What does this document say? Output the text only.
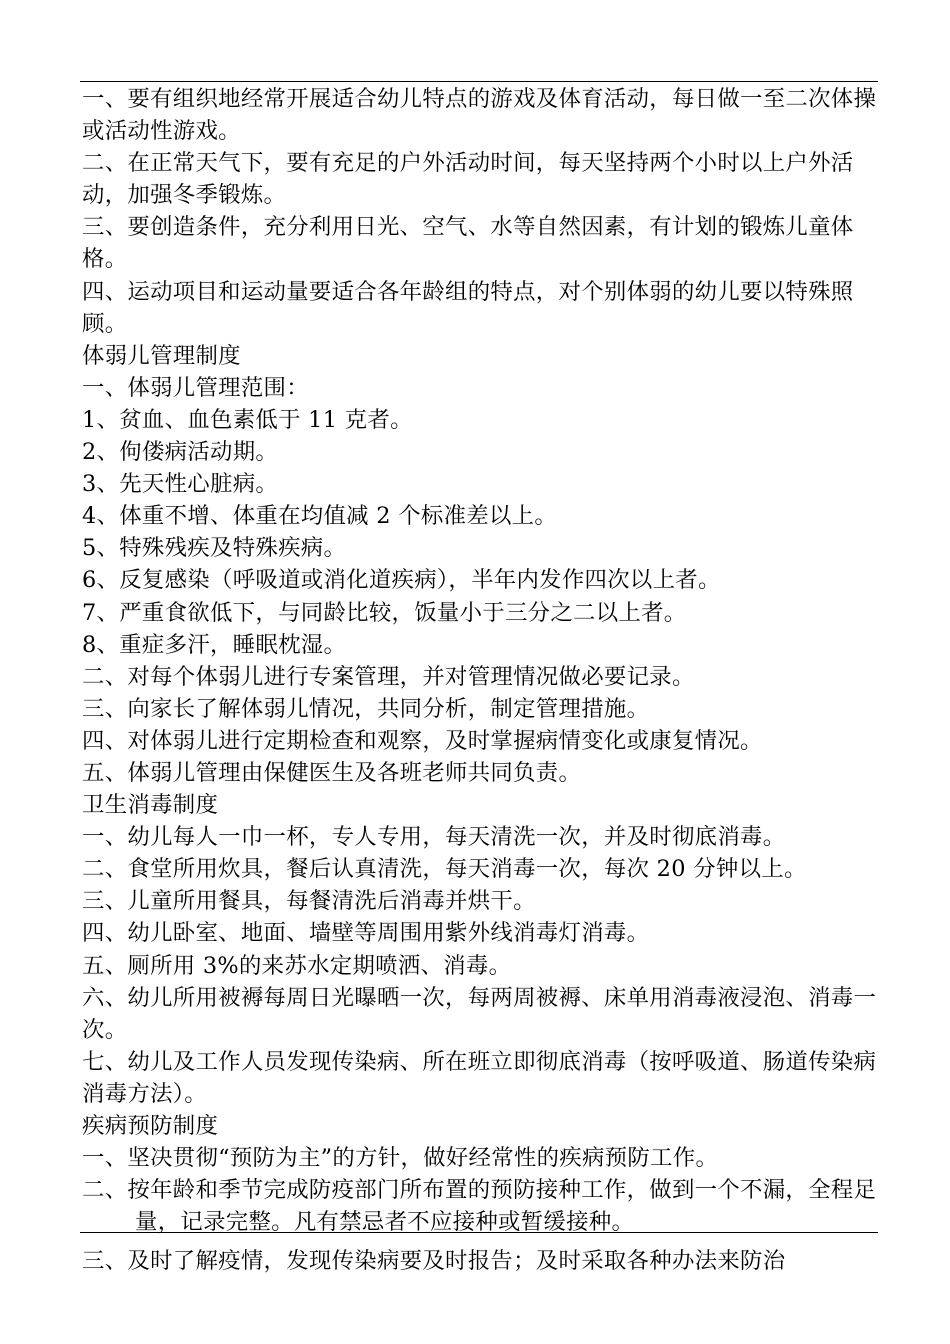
一、要有组织地经常开展适合幼儿特点的游戏及体育活动，每日做一至二次体操或活动性游戏。

二、在正常天气下，要有充足的户外活动时间，每天坚持两个小时以上户外活动，加强冬季锻炼。

三、要创造条件，充分利用日光、空气、水等自然因素，有计划的锻炼儿童体格。

四、运动项目和运动量要适合各年龄组的特点，对个别体弱的幼儿要以特殊照顾。

体弱儿管理制度

一、体弱儿管理范围：

1、贫血、血色素低于 11 克者。

2、佝偻病活动期。

3、先天性心脏病。

4、体重不增、体重在均值减 2 个标准差以上。

5、特殊残疾及特殊疾病。

6、反复感染（呼吸道或消化道疾病），半年内发作四次以上者。

7、严重食欲低下，与同龄比较，饭量小于三分之二以上者。

8、重症多汗，睡眠枕湿。

二、对每个体弱儿进行专案管理，并对管理情况做必要记录。

三、向家长了解体弱儿情况，共同分析，制定管理措施。

四、对体弱儿进行定期检查和观察，及时掌握病情变化或康复情况。

五、体弱儿管理由保健医生及各班老师共同负责。

卫生消毒制度

一、幼儿每人一巾一杯，专人专用，每天清洗一次，并及时彻底消毒。

二、食堂所用炊具，餐后认真清洗，每天消毒一次，每次 20 分钟以上。

三、儿童所用餐具，每餐清洗后消毒并烘干。

四、幼儿卧室、地面、墙壁等周围用紫外线消毒灯消毒。

五、厕所用 3%的来苏水定期喷洒、消毒。

六、幼儿所用被褥每周日光曝晒一次，每两周被褥、床单用消毒液浸泡、消毒一次。

七、幼儿及工作人员发现传染病、所在班立即彻底消毒（按呼吸道、肠道传染病消毒方法）。

疾病预防制度

一、坚决贯彻“预防为主”的方针，做好经常性的疾病预防工作。

二、按年龄和季节完成防疫部门所布置的预防接种工作，做到一个不漏，全程足量，记录完整。凡有禁忌者不应接种或暂缓接种。

三、及时了解疫情，发现传染病要及时报告；及时采取各种办法来防治
